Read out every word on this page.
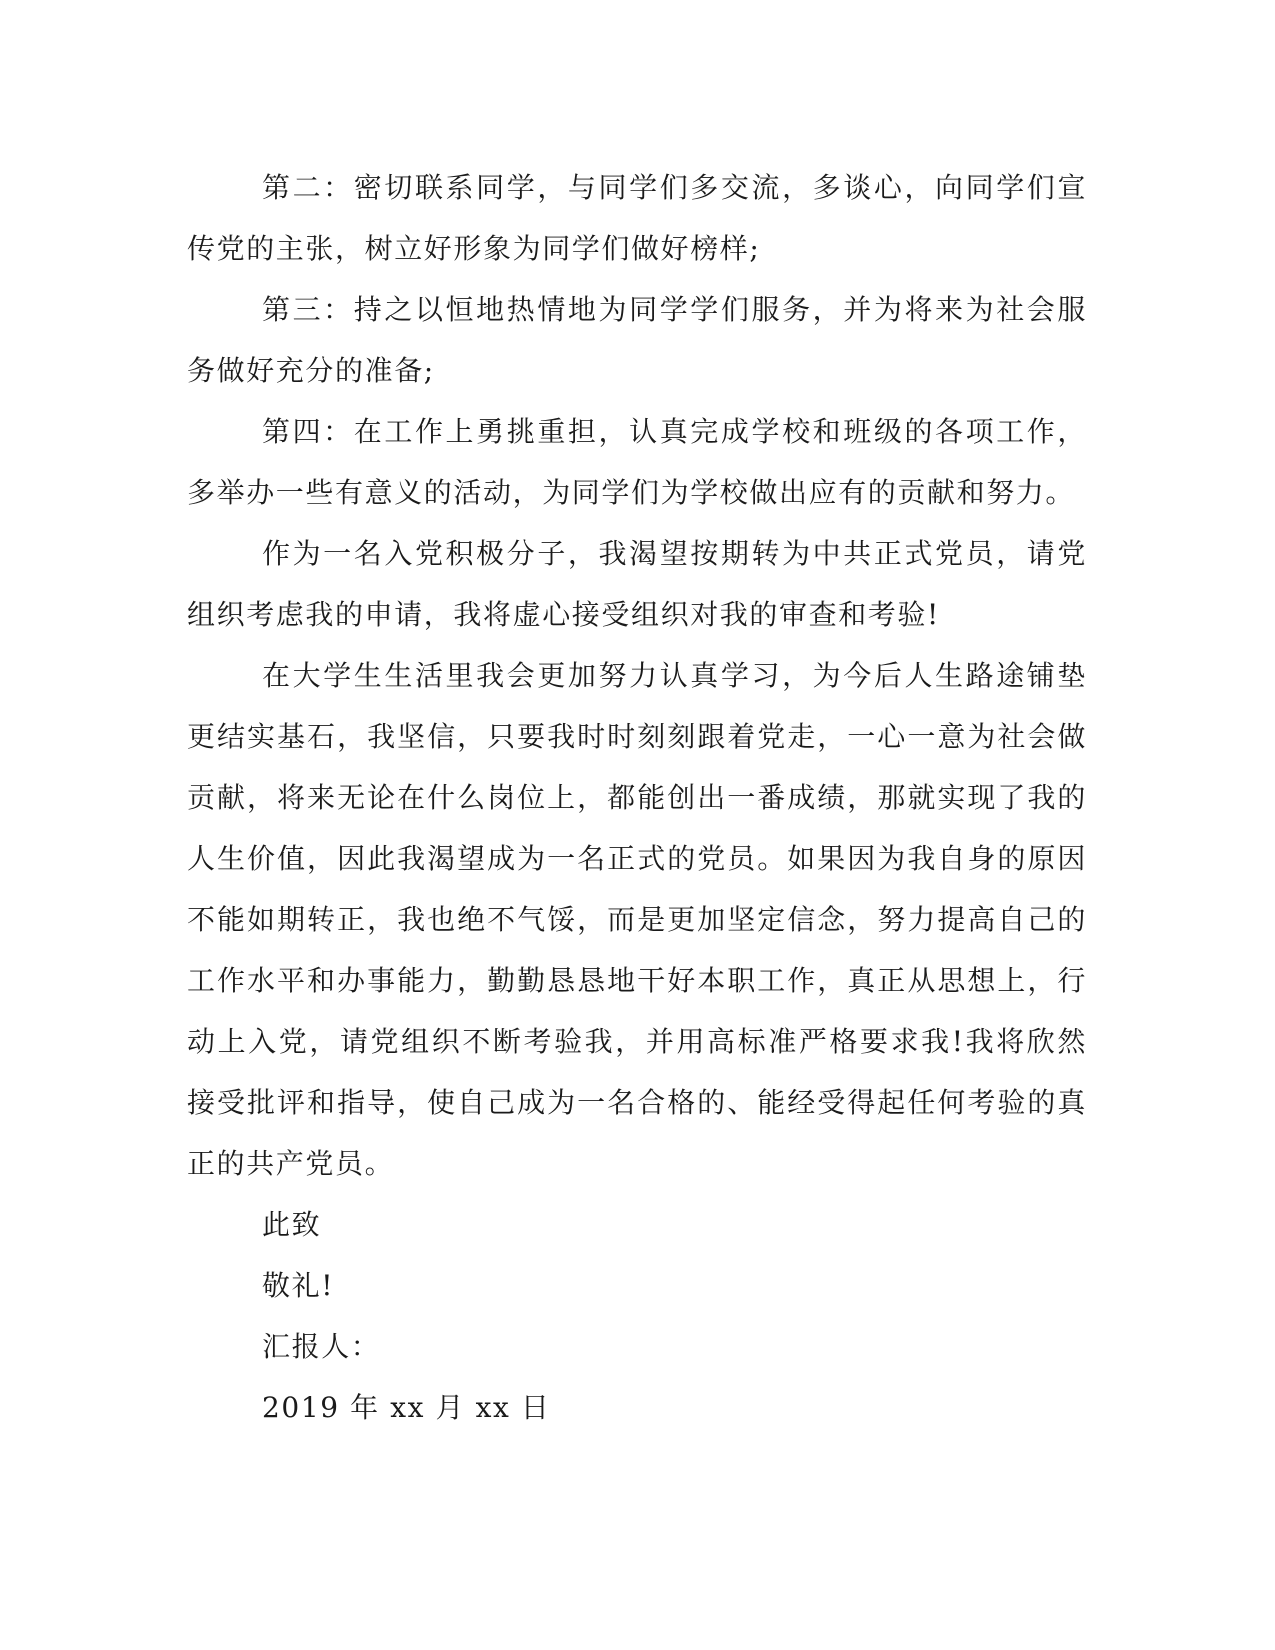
第二：密切联系同学，与同学们多交流，多谈心，向同学们宣传党的主张，树立好形象为同学们做好榜样;

第三：持之以恒地热情地为同学学们服务，并为将来为社会服务做好充分的准备;

第四：在工作上勇挑重担，认真完成学校和班级的各项工作，多举办一些有意义的活动，为同学们为学校做出应有的贡献和努力。

作为一名入党积极分子，我渴望按期转为中共正式党员，请党组织考虑我的申请，我将虚心接受组织对我的审查和考验!

在大学生生活里我会更加努力认真学习，为今后人生路途铺垫更结实基石，我坚信，只要我时时刻刻跟着党走，一心一意为社会做贡献，将来无论在什么岗位上，都能创出一番成绩，那就实现了我的人生价值，因此我渴望成为一名正式的党员。如果因为我自身的原因不能如期转正，我也绝不气馁，而是更加坚定信念，努力提高自己的工作水平和办事能力，勤勤恳恳地干好本职工作，真正从思想上，行动上入党，请党组织不断考验我，并用高标准严格要求我!我将欣然接受批评和指导，使自己成为一名合格的、能经受得起任何考验的真正的共产党员。

此致

敬礼!

汇报人：

2019 年 xx 月 xx 日
